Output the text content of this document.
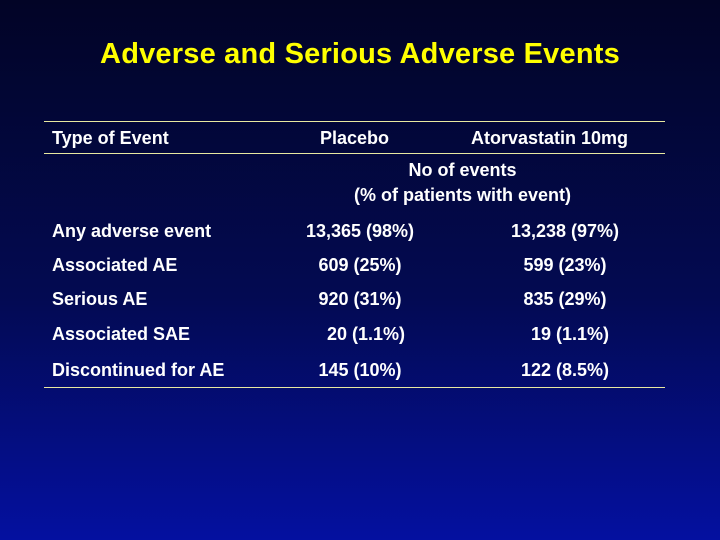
Adverse and Serious Adverse Events
Type of Event	Placebo	Atorvastatin 10mg
No of events
(% of patients with event)
Any adverse event	13,365 (98%)	13,238 (97%)
Associated AE	609 (25%)	599 (23%)
Serious AE	920 (31%)	835 (29%)
Associated SAE	20 (1.1%)	19 (1.1%)
Discontinued for AE	145 (10%)	122 (8.5%)
